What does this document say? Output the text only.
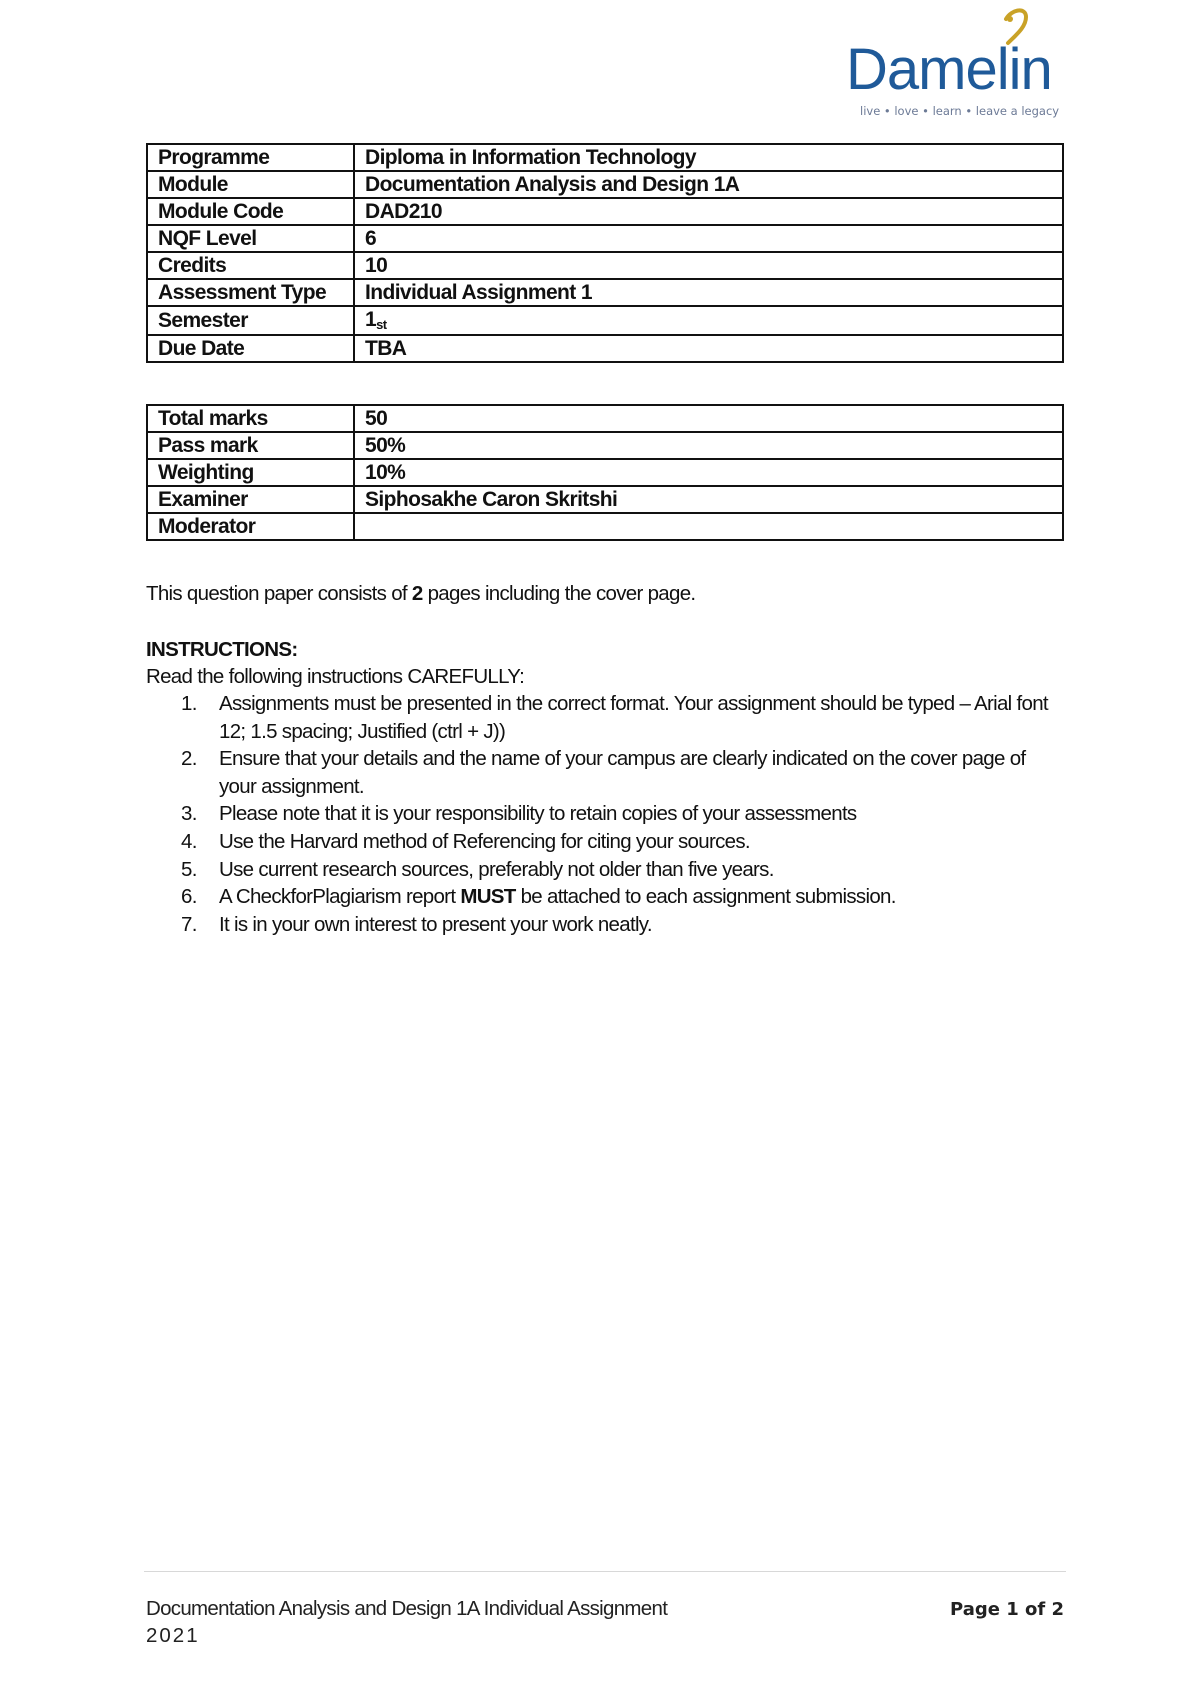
Damelin
live • love • learn • leave a legacy
Programme	Diploma in Information Technology
Module	Documentation Analysis and Design 1A
Module Code	DAD210
NQF Level	6
Credits	10
Assessment Type	Individual Assignment 1
Semester	1st
Due Date	TBA
Total marks	50
Pass mark	50%
Weighting	10%
Examiner	Siphosakhe Caron Skritshi
Moderator	
This question paper consists of 2 pages including the cover page.
INSTRUCTIONS:
Read the following instructions CAREFULLY:
1. Assignments must be presented in the correct format. Your assignment should be typed – Arial font 12; 1.5 spacing; Justified (ctrl + J))
2. Ensure that your details and the name of your campus are clearly indicated on the cover page of your assignment.
3. Please note that it is your responsibility to retain copies of your assessments
4. Use the Harvard method of Referencing for citing your sources.
5. Use current research sources, preferably not older than five years.
6. A CheckforPlagiarism report MUST be attached to each assignment submission.
7. It is in your own interest to present your work neatly.
Documentation Analysis and Design 1A Individual Assignment
2021
Page 1 of 2
